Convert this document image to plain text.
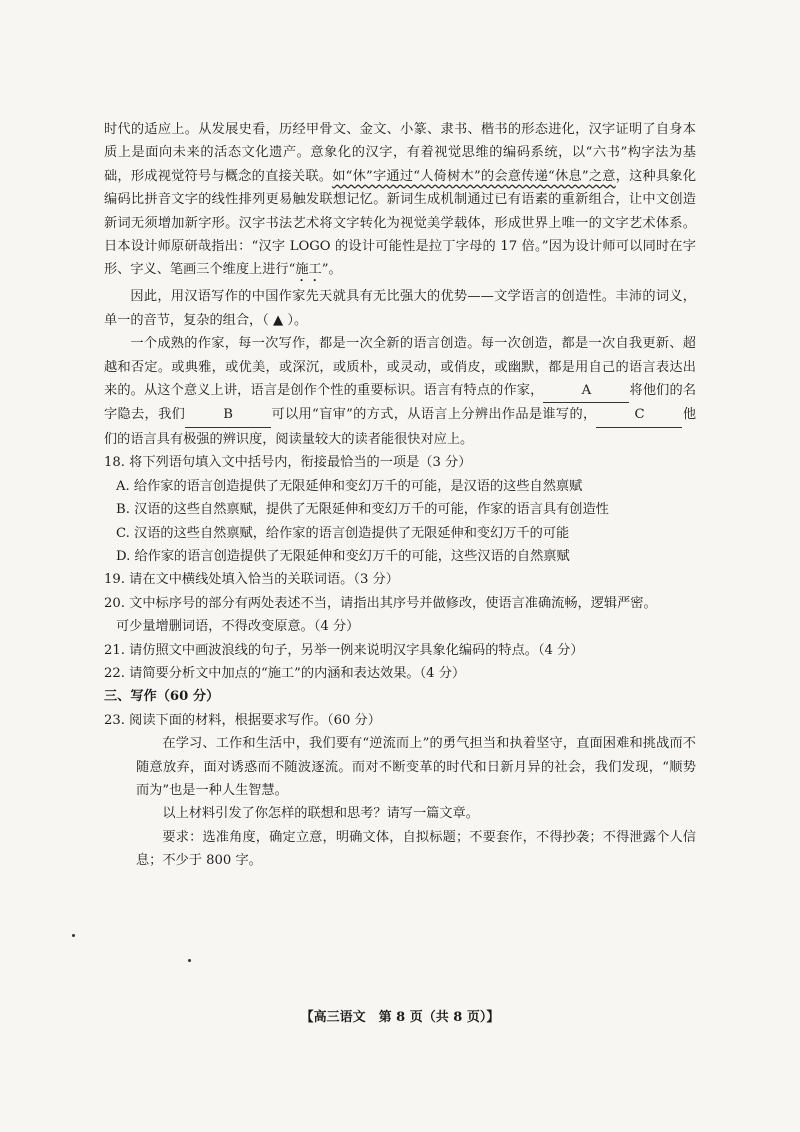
时代的适应上。从发展史看，历经甲骨文、金文、小篆、隶书、楷书的形态进化，汉字证明了自身本质上是面向未来的活态文化遗产。意象化的汉字，有着视觉思维的编码系统，以“六书”构字法为基础，形成视觉符号与概念的直接关联。如“休”字通过“人倚树木”的会意传递“休息”之意，这种具象化编码比拼音文字的线性排列更易触发联想记忆。新词生成机制通过已有语素的重新组合，让中文创造新词无须增加新字形。汉字书法艺术将文字转化为视觉美学载体，形成世界上唯一的文字艺术体系。日本设计师原研哉指出：“汉字 LOGO 的设计可能性是拉丁字母的 17 倍。”因为设计师可以同时在字形、字义、笔画三个维度上进行“施工”。

因此，用汉语写作的中国作家先天就具有无比强大的优势——文学语言的创造性。丰沛的词义，单一的音节，复杂的组合，（ ▲ ）。

一个成熟的作家，每一次写作，都是一次全新的语言创造。每一次创造，都是一次自我更新、超越和否定。或典雅，或优美，或深沉，或质朴，或灵动，或俏皮，或幽默，都是用自己的语言表达出来的。从这个意义上讲，语言是创作个性的重要标识。语言有特点的作家，	A	将他们的名字隐去，我们	B	可以用“盲审”的方式，从语言上分辨出作品是谁写的，	C	他们的语言具有极强的辨识度，阅读量较大的读者能很快对应上。

18. 将下列语句填入文中括号内，衔接最恰当的一项是（3 分）

A. 给作家的语言创造提供了无限延伸和变幻万千的可能，是汉语的这些自然禀赋

B. 汉语的这些自然禀赋，提供了无限延伸和变幻万千的可能，作家的语言具有创造性

C. 汉语的这些自然禀赋，给作家的语言创造提供了无限延伸和变幻万千的可能

D. 给作家的语言创造提供了无限延伸和变幻万千的可能，这些汉语的自然禀赋

19. 请在文中横线处填入恰当的关联词语。（3 分）

20. 文中标序号的部分有两处表述不当，请指出其序号并做修改，使语言准确流畅，逻辑严密。

可少量增删词语，不得改变原意。（4 分）

21. 请仿照文中画波浪线的句子，另举一例来说明汉字具象化编码的特点。（4 分）

22. 请简要分析文中加点的“施工”的内涵和表达效果。（4 分）

三、写作（60 分）

23. 阅读下面的材料，根据要求写作。（60 分）

在学习、工作和生活中，我们要有“逆流而上”的勇气担当和执着坚守，直面困难和挑战而不随意放弃，面对诱惑而不随波逐流。而对不断变革的时代和日新月异的社会，我们发现，“顺势而为”也是一种人生智慧。

以上材料引发了你怎样的联想和思考？请写一篇文章。

要求：选准角度，确定立意，明确文体，自拟标题；不要套作，不得抄袭；不得泄露个人信息；不少于 800 字。

【高三语文　第 8 页（共 8 页）】
